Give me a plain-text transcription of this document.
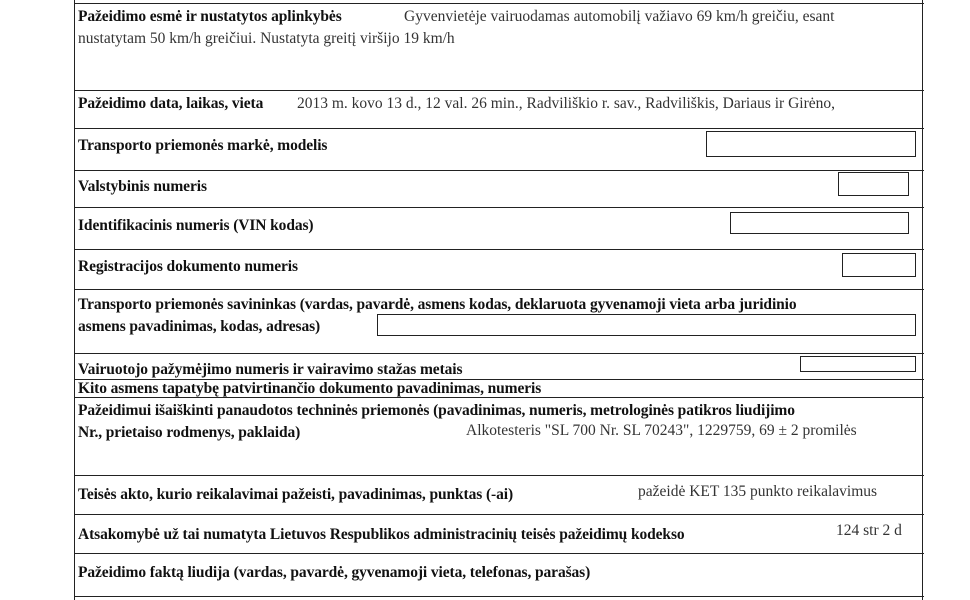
Pažeidimo esmė ir nustatytos aplinkybės	Gyvenvietėje vairuodamas automobilį važiavo 69 km/h greičiu, esant
nustatytam 50 km/h greičiui. Nustatyta greitį viršijo 19 km/h
Pažeidimo data, laikas, vieta 2013 m. kovo 13 d., 12 val. 26 min., Radviliškio r. sav., Radviliškis, Dariaus ir Girėno,
Transporto priemonės markė, modelis
Valstybinis numeris
Identifikacinis numeris (VIN kodas)
Registracijos dokumento numeris
Transporto priemonės savininkas (vardas, pavardė, asmens kodas, deklaruota gyvenamoji vieta arba juridinio
asmens pavadinimas, kodas, adresas)
Vairuotojo pažymėjimo numeris ir vairavimo stažas metais
Kito asmens tapatybę patvirtinančio dokumento pavadinimas, numeris
Pažeidimui išaiškinti panaudotos techninės priemonės (pavadinimas, numeris, metrologinės patikros liudijimo
Nr., prietaiso rodmenys, paklaida)	Alkotesteris "SL 700 Nr. SL 70243", 1229759, 69 ± 2 promilės
Teisės akto, kurio reikalavimai pažeisti, pavadinimas, punktas (-ai)	pažeidė KET 135 punkto reikalavimus
Atsakomybė už tai numatyta Lietuvos Respublikos administracinių teisės pažeidimų kodekso	124 str 2 d
Pažeidimo faktą liudija (vardas, pavardė, gyvenamoji vieta, telefonas, parašas)
